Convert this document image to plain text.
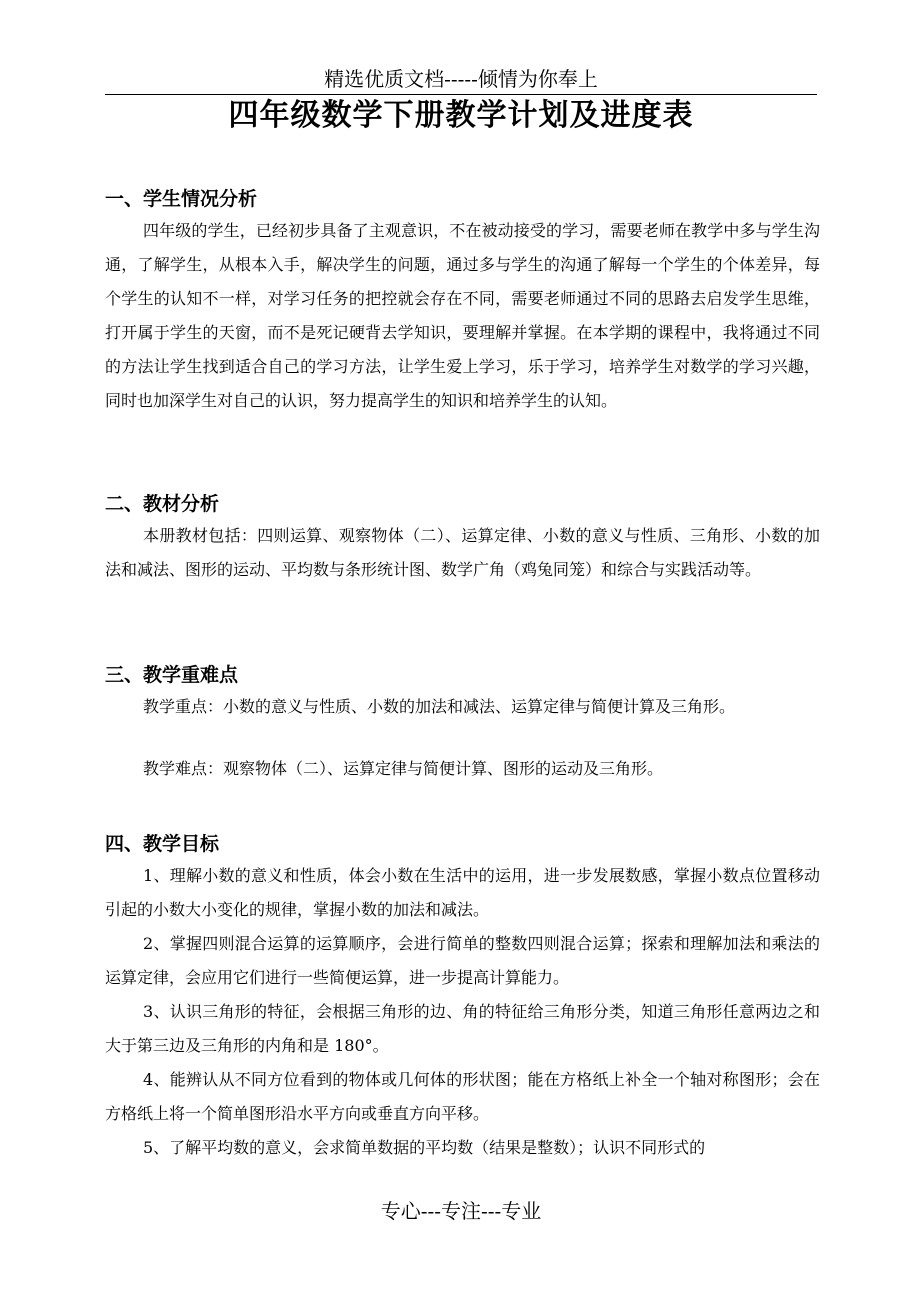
精选优质文档-----倾情为你奉上
四年级数学下册教学计划及进度表
一、学生情况分析

四年级的学生，已经初步具备了主观意识，不在被动接受的学习，需要老师在教学中多与学生沟通，了解学生，从根本入手，解决学生的问题，通过多与学生的沟通了解每一个学生的个体差异，每个学生的认知不一样，对学习任务的把控就会存在不同，需要老师通过不同的思路去启发学生思维，打开属于学生的天窗，而不是死记硬背去学知识，要理解并掌握。在本学期的课程中，我将通过不同的方法让学生找到适合自己的学习方法，让学生爱上学习，乐于学习，培养学生对数学的学习兴趣，同时也加深学生对自己的认识，努力提高学生的知识和培养学生的认知。

二、教材分析

本册教材包括：四则运算、观察物体（二）、运算定律、小数的意义与性质、三角形、小数的加法和减法、图形的运动、平均数与条形统计图、数学广角（鸡兔同笼）和综合与实践活动等。

三、教学重难点

教学重点：小数的意义与性质、小数的加法和减法、运算定律与简便计算及三角形。

教学难点：观察物体（二）、运算定律与简便计算、图形的运动及三角形。

四、教学目标

1、理解小数的意义和性质，体会小数在生活中的运用，进一步发展数感，掌握小数点位置移动引起的小数大小变化的规律，掌握小数的加法和减法。

2、掌握四则混合运算的运算顺序，会进行简单的整数四则混合运算；探索和理解加法和乘法的运算定律，会应用它们进行一些简便运算，进一步提高计算能力。

3、认识三角形的特征，会根据三角形的边、角的特征给三角形分类，知道三角形任意两边之和大于第三边及三角形的内角和是 180°。

4、能辨认从不同方位看到的物体或几何体的形状图；能在方格纸上补全一个轴对称图形；会在方格纸上将一个简单图形沿水平方向或垂直方向平移。

5、了解平均数的意义，会求简单数据的平均数（结果是整数）；认识不同形式的

专心---专注---专业
